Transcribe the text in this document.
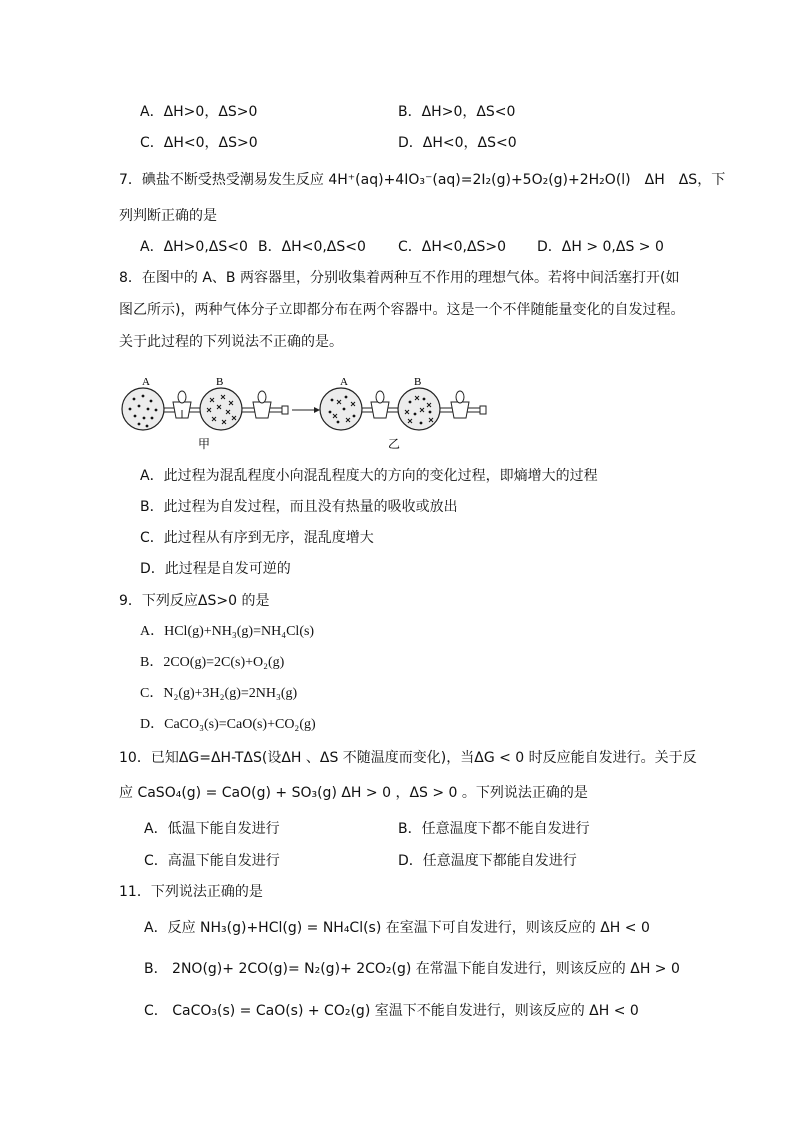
A．ΔH>0，ΔS>0	B．ΔH>0，ΔS<0
C．ΔH<0，ΔS>0	D．ΔH<0，ΔS<0
7．碘盐不断受热受潮易发生反应 4H⁺(aq)+4IO₃⁻(aq)=2I₂(g)+5O₂(g)+2H₂O(l)　ΔH　ΔS，下
列判断正确的是
A．ΔH>0,ΔS<0 B．ΔH<0,ΔS<0 C．ΔH<0,ΔS>0 D．ΔH > 0,ΔS > 0
8．在图中的 A、B 两容器里，分别收集着两种互不作用的理想气体。若将中间活塞打开(如
图乙所示)，两种气体分子立即都分布在两个容器中。这是一个不伴随能量变化的自发过程。
关于此过程的下列说法不正确的是。
A	B	A	B
甲	乙
A．此过程为混乱程度小向混乱程度大的方向的变化过程，即熵增大的过程
B．此过程为自发过程，而且没有热量的吸收或放出
C．此过程从有序到无序，混乱度增大
D．此过程是自发可逆的
9．下列反应ΔS>0 的是
A．HCl(g)+NH₃(g)=NH₄Cl(s)
B．2CO(g)=2C(s)+O₂(g)
C．N₂(g)+3H₂(g)=2NH₃(g)
D．CaCO₃(s)=CaO(s)+CO₂(g)
10．已知ΔG=ΔH-TΔS(设ΔH 、ΔS 不随温度而变化)，当ΔG < 0 时反应能自发进行。关于反
应 CaSO₄(g) = CaO(g) + SO₃(g) ΔH > 0 ，ΔS > 0 。下列说法正确的是
A．低温下能自发进行	B．任意温度下都不能自发进行
C．高温下能自发进行	D．任意温度下都能自发进行
11．下列说法正确的是
A．反应 NH₃(g)+HCl(g) = NH₄Cl(s) 在室温下可自发进行，则该反应的 ΔH < 0
B． 2NO(g)+ 2CO(g)= N₂(g)+ 2CO₂(g) 在常温下能自发进行，则该反应的 ΔH > 0
C． CaCO₃(s) = CaO(s) + CO₂(g) 室温下不能自发进行，则该反应的 ΔH < 0
